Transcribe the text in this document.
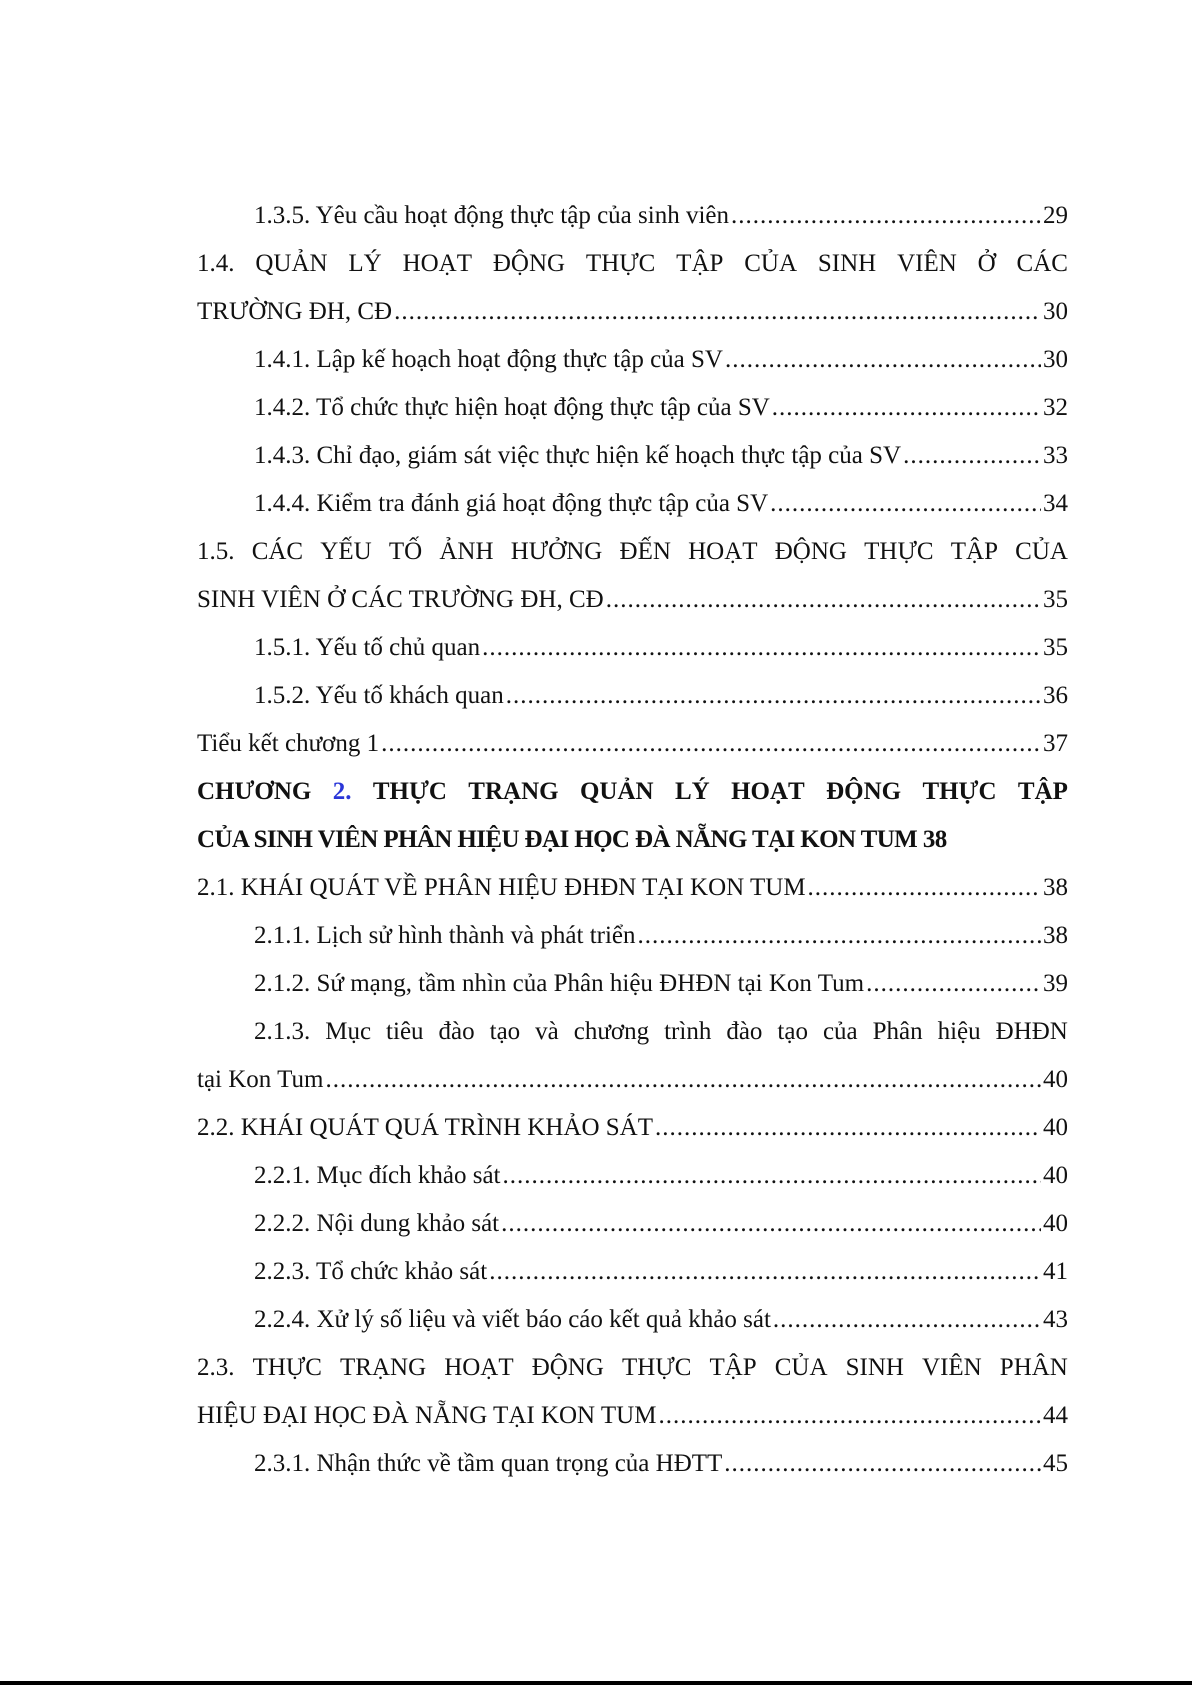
1.3.5. Yêu cầu hoạt động thực tập của sinh viên .....	29
1.4. QUẢN LÝ HOẠT ĐỘNG THỰC TẬP CỦA SINH VIÊN Ở CÁC
TRƯỜNG ĐH, CĐ .....	30
1.4.1. Lập kế hoạch hoạt động thực tập của SV .....	30
1.4.2. Tổ chức thực hiện hoạt động thực tập của SV .....	32
1.4.3. Chỉ đạo, giám sát việc thực hiện kế hoạch thực tập của SV .....	33
1.4.4. Kiểm tra đánh giá hoạt động thực tập của SV .....	34
1.5. CÁC YẾU TỐ ẢNH HƯỞNG ĐẾN HOẠT ĐỘNG THỰC TẬP CỦA
SINH VIÊN Ở CÁC TRƯỜNG ĐH, CĐ .....	35
1.5.1. Yếu tố chủ quan .....	35
1.5.2. Yếu tố khách quan .....	36
Tiểu kết chương 1 .....	37
CHƯƠNG 2. THỰC TRẠNG QUẢN LÝ HOẠT ĐỘNG THỰC TẬP
CỦA SINH VIÊN PHÂN HIỆU ĐẠI HỌC ĐÀ NẴNG TẠI KON TUM 38
2.1. KHÁI QUÁT VỀ PHÂN HIỆU ĐHĐN TẠI KON TUM .....	38
2.1.1. Lịch sử hình thành và phát triển .....	38
2.1.2. Sứ mạng, tầm nhìn của Phân hiệu ĐHĐN tại Kon Tum .....	39
2.1.3. Mục tiêu đào tạo và chương trình đào tạo của Phân hiệu ĐHĐN
tại Kon Tum .....	40
2.2. KHÁI QUÁT QUÁ TRÌNH KHẢO SÁT .....	40
2.2.1. Mục đích khảo sát .....	40
2.2.2. Nội dung khảo sát .....	40
2.2.3. Tổ chức khảo sát .....	41
2.2.4. Xử lý số liệu và viết báo cáo kết quả khảo sát .....	43
2.3. THỰC TRẠNG HOẠT ĐỘNG THỰC TẬP CỦA SINH VIÊN PHÂN
HIỆU ĐẠI HỌC ĐÀ NẴNG TẠI KON TUM .....	44
2.3.1. Nhận thức về tầm quan trọng của HĐTT .....	45
